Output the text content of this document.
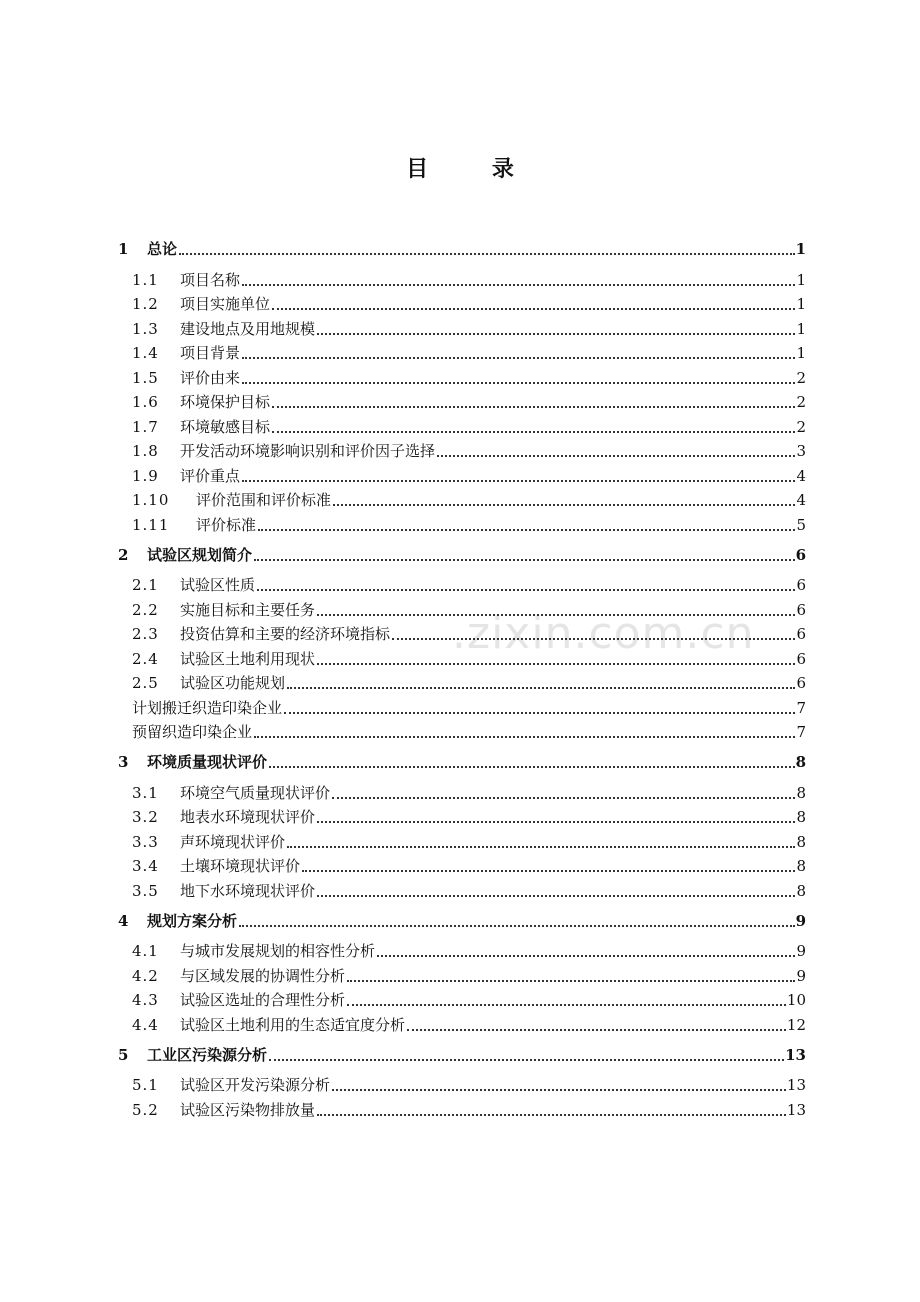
目 录
.zixin.com.cn
1	总论	1
1.1	项目名称	1
1.2	项目实施单位	1
1.3	建设地点及用地规模	1
1.4	项目背景	1
1.5	评价由来	2
1.6	环境保护目标	2
1.7	环境敏感目标	2
1.8	开发活动环境影响识别和评价因子选择	3
1.9	评价重点	4
1.10	评价范围和评价标准	4
1.11	评价标准	5
2	试验区规划简介	6
2.1	试验区性质	6
2.2	实施目标和主要任务	6
2.3	投资估算和主要的经济环境指标	6
2.4	试验区土地利用现状	6
2.5	试验区功能规划	6
计划搬迁织造印染企业	7
预留织造印染企业	7
3	环境质量现状评价	8
3.1	环境空气质量现状评价	8
3.2	地表水环境现状评价	8
3.3	声环境现状评价	8
3.4	土壤环境现状评价	8
3.5	地下水环境现状评价	8
4	规划方案分析	9
4.1	与城市发展规划的相容性分析	9
4.2	与区域发展的协调性分析	9
4.3	试验区选址的合理性分析	10
4.4	试验区土地利用的生态适宜度分析	12
5	工业区污染源分析	13
5.1	试验区开发污染源分析	13
5.2	试验区污染物排放量	13
